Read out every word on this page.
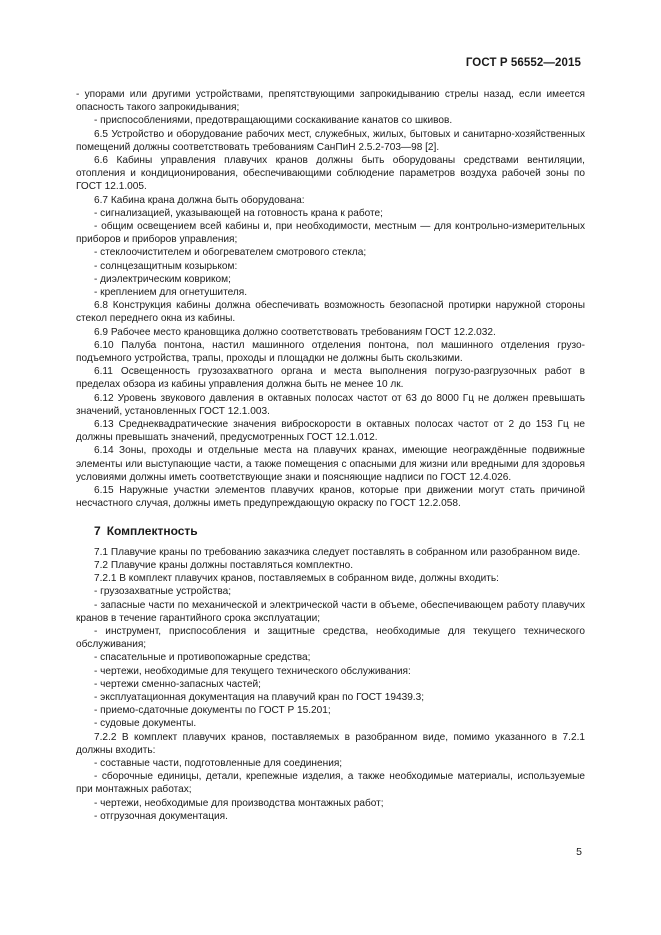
ГОСТ Р 56552—2015

- упорами или другими устройствами, препятствующими запрокидыванию стрелы назад, если имеется опасность такого запрокидывания;

- приспособлениями, предотвращающими соскакивание канатов со шкивов.

6.5 Устройство и оборудование рабочих мест, служебных, жилых, бытовых и санитарно-хозяйственных помещений должны соответствовать требованиям СанПиН 2.5.2-703—98 [2].

6.6 Кабины управления плавучих кранов должны быть оборудованы средствами вентиляции, отопления и кондиционирования, обеспечивающими соблюдение параметров воздуха рабочей зоны по ГОСТ 12.1.005.

6.7 Кабина крана должна быть оборудована:

- сигнализацией, указывающей на готовность крана к работе;

- общим освещением всей кабины и, при необходимости, местным — для контрольно-измерительных приборов и приборов управления;

- стеклоочистителем и обогревателем смотрового стекла;

- солнцезащитным козырьком:

- диэлектрическим ковриком;

- креплением для огнетушителя.

6.8 Конструкция кабины должна обеспечивать возможность безопасной протирки наружной стороны стекол переднего окна из кабины.

6.9 Рабочее место крановщика должно соответствовать требованиям ГОСТ 12.2.032.

6.10 Палуба понтона, настил машинного отделения понтона, пол машинного отделения грузоподъемного устройства, трапы, проходы и площадки не должны быть скользкими.

6.11 Освещенность грузозахватного органа и места выполнения погрузо-разгрузочных работ в пределах обзора из кабины управления должна быть не менее 10 лк.

6.12 Уровень звукового давления в октавных полосах частот от 63 до 8000 Гц не должен превышать значений, установленных ГОСТ 12.1.003.

6.13 Среднеквадратические значения виброскорости в октавных полосах частот от 2 до 153 Гц не должны превышать значений, предусмотренных ГОСТ 12.1.012.

6.14 Зоны, проходы и отдельные места на плавучих кранах, имеющие неограждённые подвижные элементы или выступающие части, а также помещения с опасными для жизни или вредными для здоровья условиями должны иметь соответствующие знаки и поясняющие надписи по ГОСТ 12.4.026.

6.15 Наружные участки элементов плавучих кранов, которые при движении могут стать причиной несчастного случая, должны иметь предупреждающую окраску по ГОСТ 12.2.058.

7 Комплектность

7.1 Плавучие краны по требованию заказчика следует поставлять в собранном или разобранном виде.

7.2 Плавучие краны должны поставляться комплектно.

7.2.1 В комплект плавучих кранов, поставляемых в собранном виде, должны входить:

- грузозахватные устройства;

- запасные части по механической и электрической части в объеме, обеспечивающем работу плавучих кранов в течение гарантийного срока эксплуатации;

- инструмент, приспособления и защитные средства, необходимые для текущего технического обслуживания;

- спасательные и противопожарные средства;

- чертежи, необходимые для текущего технического обслуживания:

- чертежи сменно-запасных частей;

- эксплуатационная документация на плавучий кран по ГОСТ 19439.3;

- приемо-сдаточные документы по ГОСТ Р 15.201;

- судовые документы.

7.2.2 В комплект плавучих кранов, поставляемых в разобранном виде, помимо указанного в 7.2.1 должны входить:

- составные части, подготовленные для соединения;

- сборочные единицы, детали, крепежные изделия, а также необходимые материалы, используемые при монтажных работах;

- чертежи, необходимые для производства монтажных работ;

- отгрузочная документация.

5
